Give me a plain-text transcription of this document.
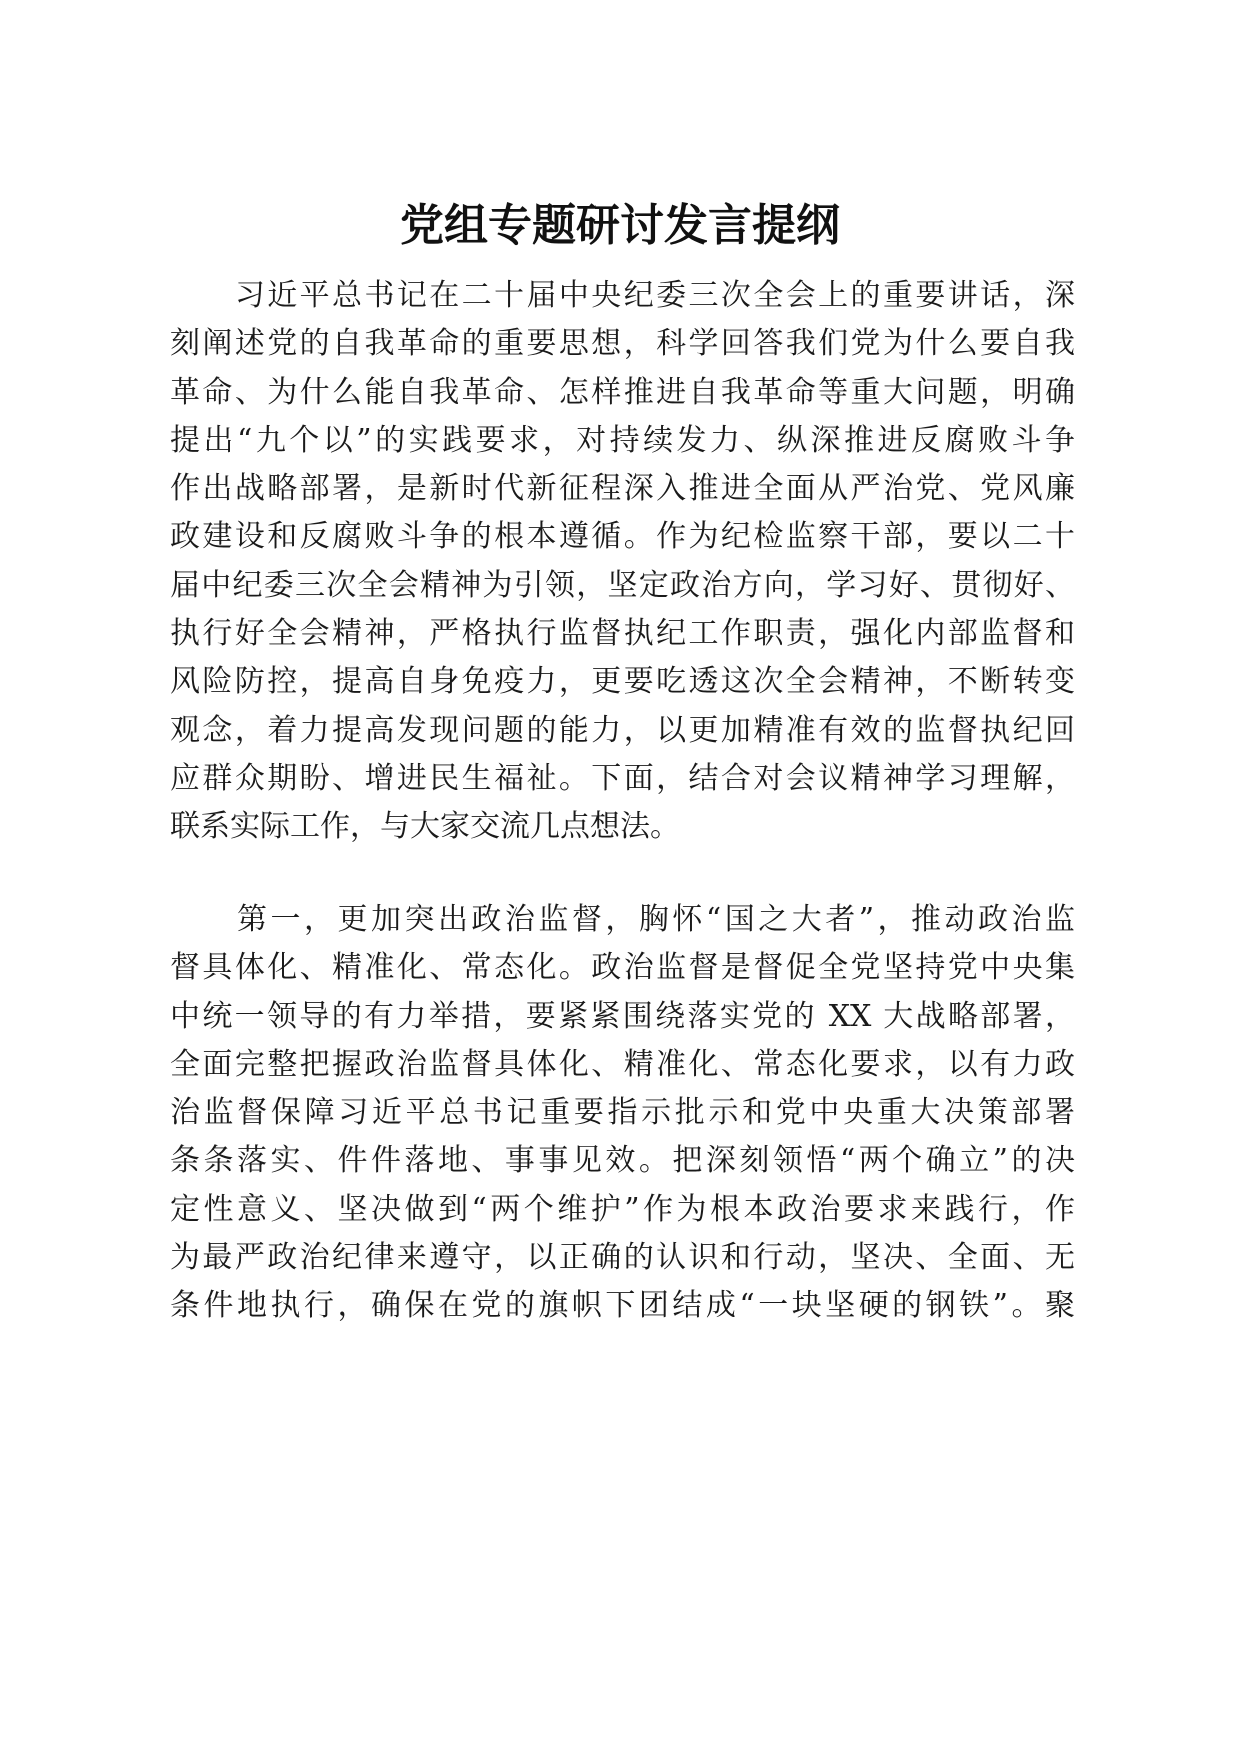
党组专题研讨发言提纲
　　习近平总书记在二十届中央纪委三次全会上的重要讲话，深
刻阐述党的自我革命的重要思想，科学回答我们党为什么要自我
革命、为什么能自我革命、怎样推进自我革命等重大问题，明确
提出“九个以”的实践要求，对持续发力、纵深推进反腐败斗争
作出战略部署，是新时代新征程深入推进全面从严治党、党风廉
政建设和反腐败斗争的根本遵循。作为纪检监察干部，要以二十
届中纪委三次全会精神为引领，坚定政治方向，学习好、贯彻好、
执行好全会精神，严格执行监督执纪工作职责，强化内部监督和
风险防控，提高自身免疫力，更要吃透这次全会精神，不断转变
观念，着力提高发现问题的能力，以更加精准有效的监督执纪回
应群众期盼、增进民生福祉。下面，结合对会议精神学习理解，
联系实际工作，与大家交流几点想法。
　　第一，更加突出政治监督，胸怀“国之大者”，推动政治监
督具体化、精准化、常态化。政治监督是督促全党坚持党中央集
中统一领导的有力举措，要紧紧围绕落实党的 XX 大战略部署，
全面完整把握政治监督具体化、精准化、常态化要求，以有力政
治监督保障习近平总书记重要指示批示和党中央重大决策部署
条条落实、件件落地、事事见效。把深刻领悟“两个确立”的决
定性意义、坚决做到“两个维护”作为根本政治要求来践行，作
为最严政治纪律来遵守，以正确的认识和行动，坚决、全面、无
条件地执行，确保在党的旗帜下团结成“一块坚硬的钢铁”。聚
